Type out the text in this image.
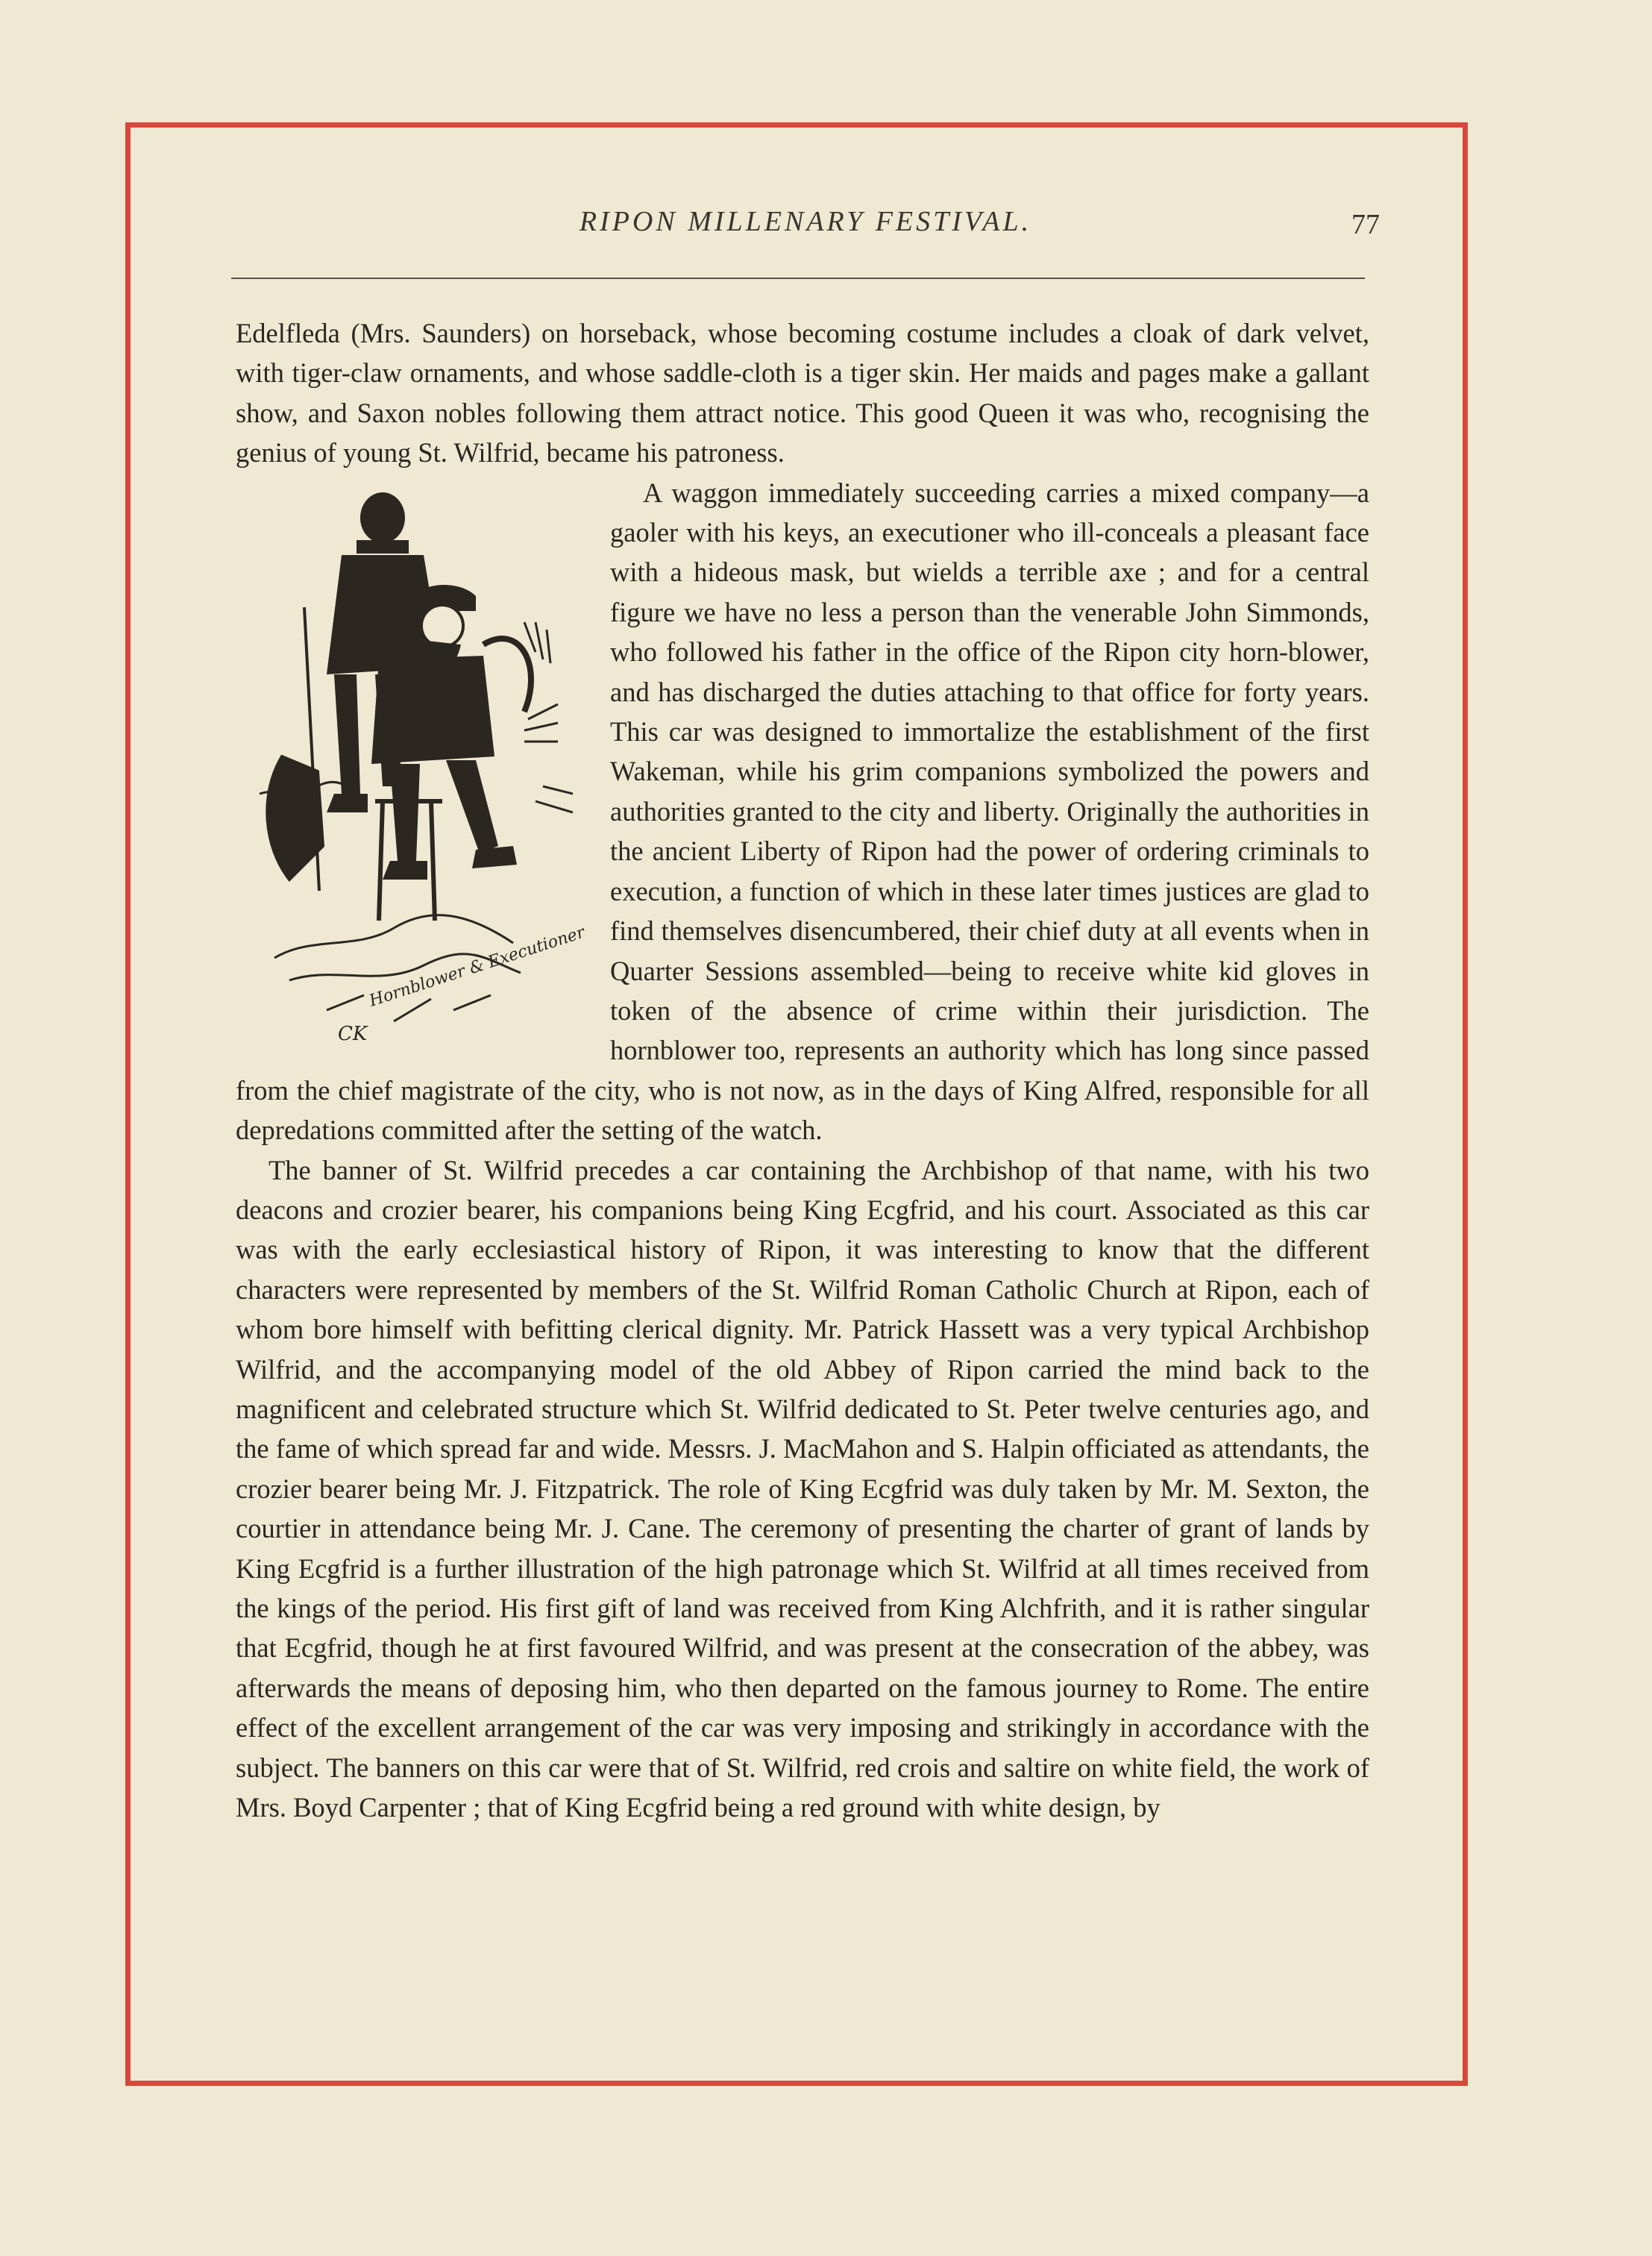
RIPON MILLENARY FESTIVAL.	77

Edelfleda (Mrs. Saunders) on horseback, whose becoming costume includes a cloak of dark velvet, with tiger-claw ornaments, and whose saddle-cloth is a tiger skin. Her maids and pages make a gallant show, and Saxon nobles following them attract notice. This good Queen it was who, recognising the genius of young St. Wilfrid, became his patroness.

Hornblower & Executioner
CK

A waggon immediately succeeding carries a mixed company—a gaoler with his keys, an executioner who ill-conceals a pleasant face with a hideous mask, but wields a terrible axe ; and for a central figure we have no less a person than the venerable John Simmonds, who followed his father in the office of the Ripon city horn-blower, and has discharged the duties attaching to that office for forty years. This car was designed to immortalize the establishment of the first Wakeman, while his grim companions symbolized the powers and authorities granted to the city and liberty. Originally the authorities in the ancient Liberty of Ripon had the power of ordering criminals to execution, a function of which in these later times justices are glad to find themselves disencumbered, their chief duty at all events when in Quarter Sessions assembled—being to receive white kid gloves in token of the absence of crime within their jurisdiction. The hornblower too, represents an authority which has long since passed from the chief magistrate of the city, who is not now, as in the days of King Alfred, responsible for all depredations committed after the setting of the watch.

The banner of St. Wilfrid precedes a car containing the Archbishop of that name, with his two deacons and crozier bearer, his companions being King Ecgfrid, and his court. Associated as this car was with the early ecclesiastical history of Ripon, it was interesting to know that the different characters were represented by members of the St. Wilfrid Roman Catholic Church at Ripon, each of whom bore himself with befitting clerical dignity. Mr. Patrick Hassett was a very typical Archbishop Wilfrid, and the accompanying model of the old Abbey of Ripon carried the mind back to the magnificent and celebrated structure which St. Wilfrid dedicated to St. Peter twelve centuries ago, and the fame of which spread far and wide. Messrs. J. MacMahon and S. Halpin officiated as attendants, the crozier bearer being Mr. J. Fitzpatrick. The role of King Ecgfrid was duly taken by Mr. M. Sexton, the courtier in attendance being Mr. J. Cane. The ceremony of presenting the charter of grant of lands by King Ecgfrid is a further illustration of the high patronage which St. Wilfrid at all times received from the kings of the period. His first gift of land was received from King Alchfrith, and it is rather singular that Ecgfrid, though he at first favoured Wilfrid, and was present at the consecration of the abbey, was afterwards the means of deposing him, who then departed on the famous journey to Rome. The entire effect of the excellent arrangement of the car was very imposing and strikingly in accordance with the subject. The banners on this car were that of St. Wilfrid, red crois and saltire on white field, the work of Mrs. Boyd Carpenter ; that of King Ecgfrid being a red ground with white design, by
